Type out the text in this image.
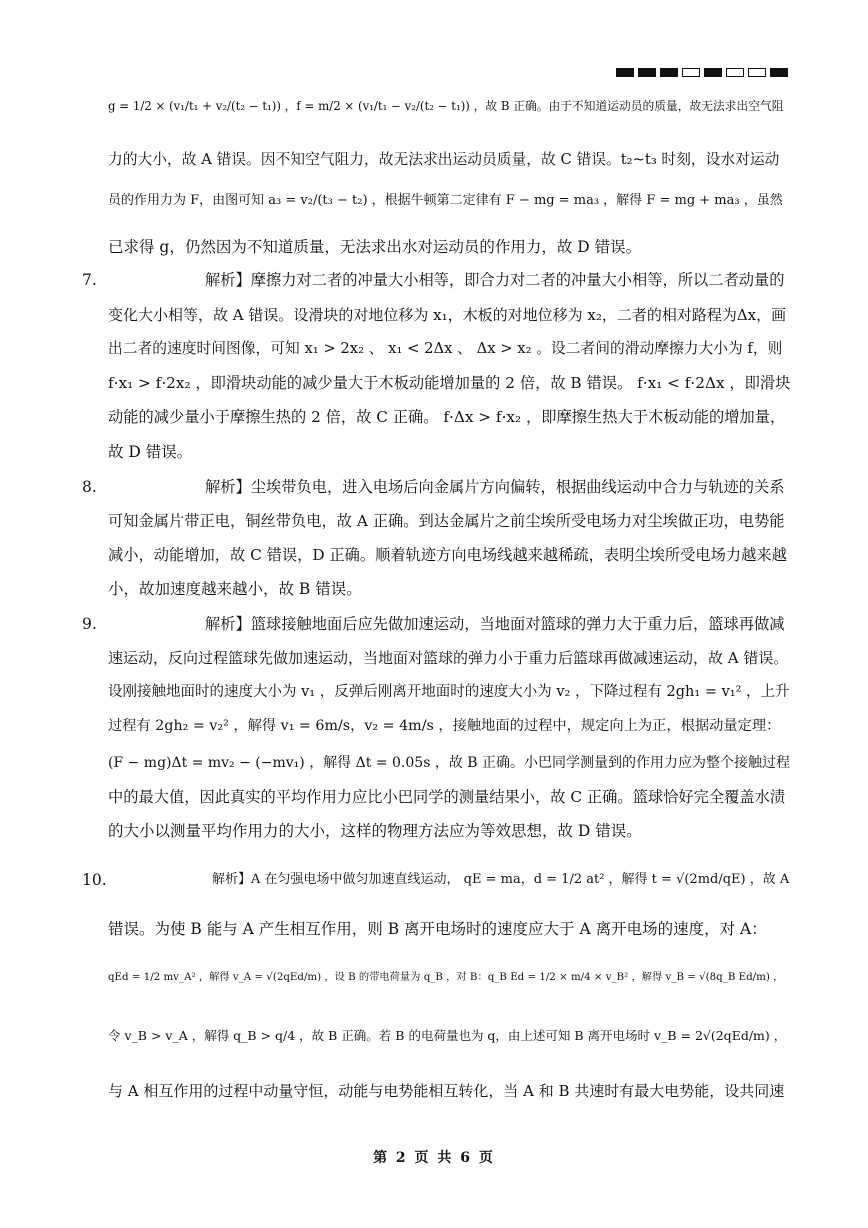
g = 1/2 × (v₁/t₁ + v₂/(t₂ − t₁)) ，f = m/2 × (v₁/t₁ − v₂/(t₂ − t₁)) ，故 B 正确。由于不知道运动员的质量，故无法求出空气阻
力的大小，故 A 错误。因不知空气阻力，故无法求出运动员质量，故 C 错误。t₂~t₃ 时刻，设水对运动
员的作用力为 F，由图可知 a₃ = v₂/(t₃ − t₂) ，根据牛顿第二定律有 F − mg = ma₃ ，解得 F = mg + ma₃ ，虽然
已求得 g，仍然因为不知道质量，无法求出水对运动员的作用力，故 D 错误。
7.	解析】摩擦力对二者的冲量大小相等，即合力对二者的冲量大小相等，所以二者动量的
变化大小相等，故 A 错误。设滑块的对地位移为 x₁，木板的对地位移为 x₂，二者的相对路程为Δx，画
出二者的速度时间图像，可知 x₁ > 2x₂ 、 x₁ < 2Δx 、 Δx > x₂ 。设二者间的滑动摩擦力大小为 f，则
f·x₁ > f·2x₂ ，即滑块动能的减少量大于木板动能增加量的 2 倍，故 B 错误。 f·x₁ < f·2Δx ，即滑块
动能的减少量小于摩擦生热的 2 倍，故 C 正确。 f·Δx > f·x₂ ，即摩擦生热大于木板动能的增加量，
故 D 错误。
8.	解析】尘埃带负电，进入电场后向金属片方向偏转，根据曲线运动中合力与轨迹的关系
可知金属片带正电，铜丝带负电，故 A 正确。到达金属片之前尘埃所受电场力对尘埃做正功，电势能
减小，动能增加，故 C 错误，D 正确。顺着轨迹方向电场线越来越稀疏，表明尘埃所受电场力越来越
小，故加速度越来越小，故 B 错误。
9.	解析】篮球接触地面后应先做加速运动，当地面对篮球的弹力大于重力后，篮球再做减
速运动，反向过程篮球先做加速运动，当地面对篮球的弹力小于重力后篮球再做减速运动，故 A 错误。
设刚接触地面时的速度大小为 v₁ ，反弹后刚离开地面时的速度大小为 v₂ ，下降过程有 2gh₁ = v₁² ，上升
过程有 2gh₂ = v₂² ，解得 v₁ = 6m/s，v₂ = 4m/s ，接触地面的过程中，规定向上为正，根据动量定理：
(F − mg)Δt = mv₂ − (−mv₁) ，解得 Δt = 0.05s ，故 B 正确。小巴同学测量到的作用力应为整个接触过程
中的最大值，因此真实的平均作用力应比小巴同学的测量结果小，故 C 正确。篮球恰好完全覆盖水渍
的大小以测量平均作用力的大小，这样的物理方法应为等效思想，故 D 错误。
10.	解析】A 在匀强电场中做匀加速直线运动， qE = ma，d = 1/2 at² ，解得 t = √(2md/qE) ，故 A
错误。为使 B 能与 A 产生相互作用，则 B 离开电场时的速度应大于 A 离开电场的速度，对 A：
qEd = 1/2 mv_A² ，解得 v_A = √(2qEd/m) ，设 B 的带电荷量为 q_B ，对 B：q_B Ed = 1/2 × m/4 × v_B² ，解得 v_B = √(8q_B Ed/m) ，
令 v_B > v_A ，解得 q_B > q/4 ，故 B 正确。若 B 的电荷量也为 q，由上述可知 B 离开电场时 v_B = 2√(2qEd/m) ，
与 A 相互作用的过程中动量守恒，动能与电势能相互转化，当 A 和 B 共速时有最大电势能，设共同速
第 2 页 共 6 页
